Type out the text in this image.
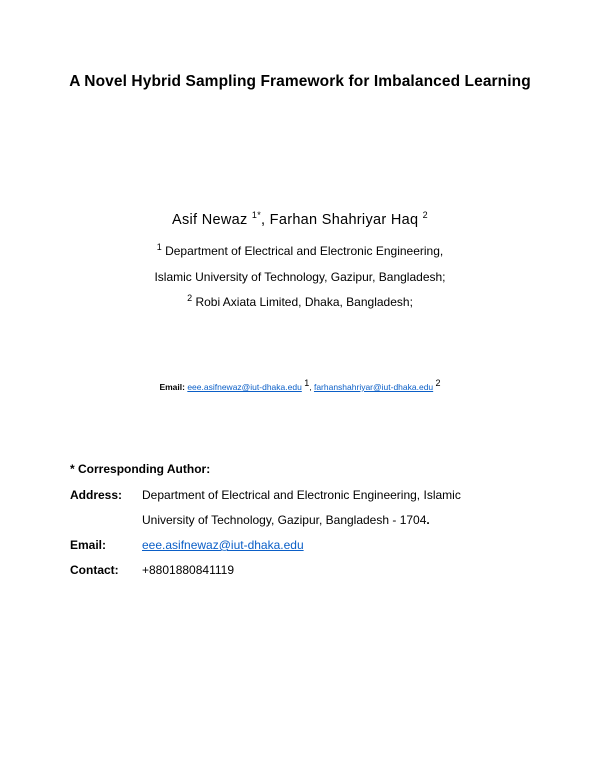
A Novel Hybrid Sampling Framework for Imbalanced Learning
Asif Newaz $^{1*}$, Farhan Shahriyar Haq $^2$
$^1$ Department of Electrical and Electronic Engineering,
Islamic University of Technology, Gazipur, Bangladesh;
$^2$ Robi Axiata Limited, Dhaka, Bangladesh;
Email: eee.asifnewaz@iut-dhaka.edu $^1$, farhanshahriyar@iut-dhaka.edu $^2$
* Corresponding Author:
Address: Department of Electrical and Electronic Engineering, Islamic
University of Technology, Gazipur, Bangladesh - 1704.
Email:	eee.asifnewaz@iut-dhaka.edu
Contact: +8801880841119
